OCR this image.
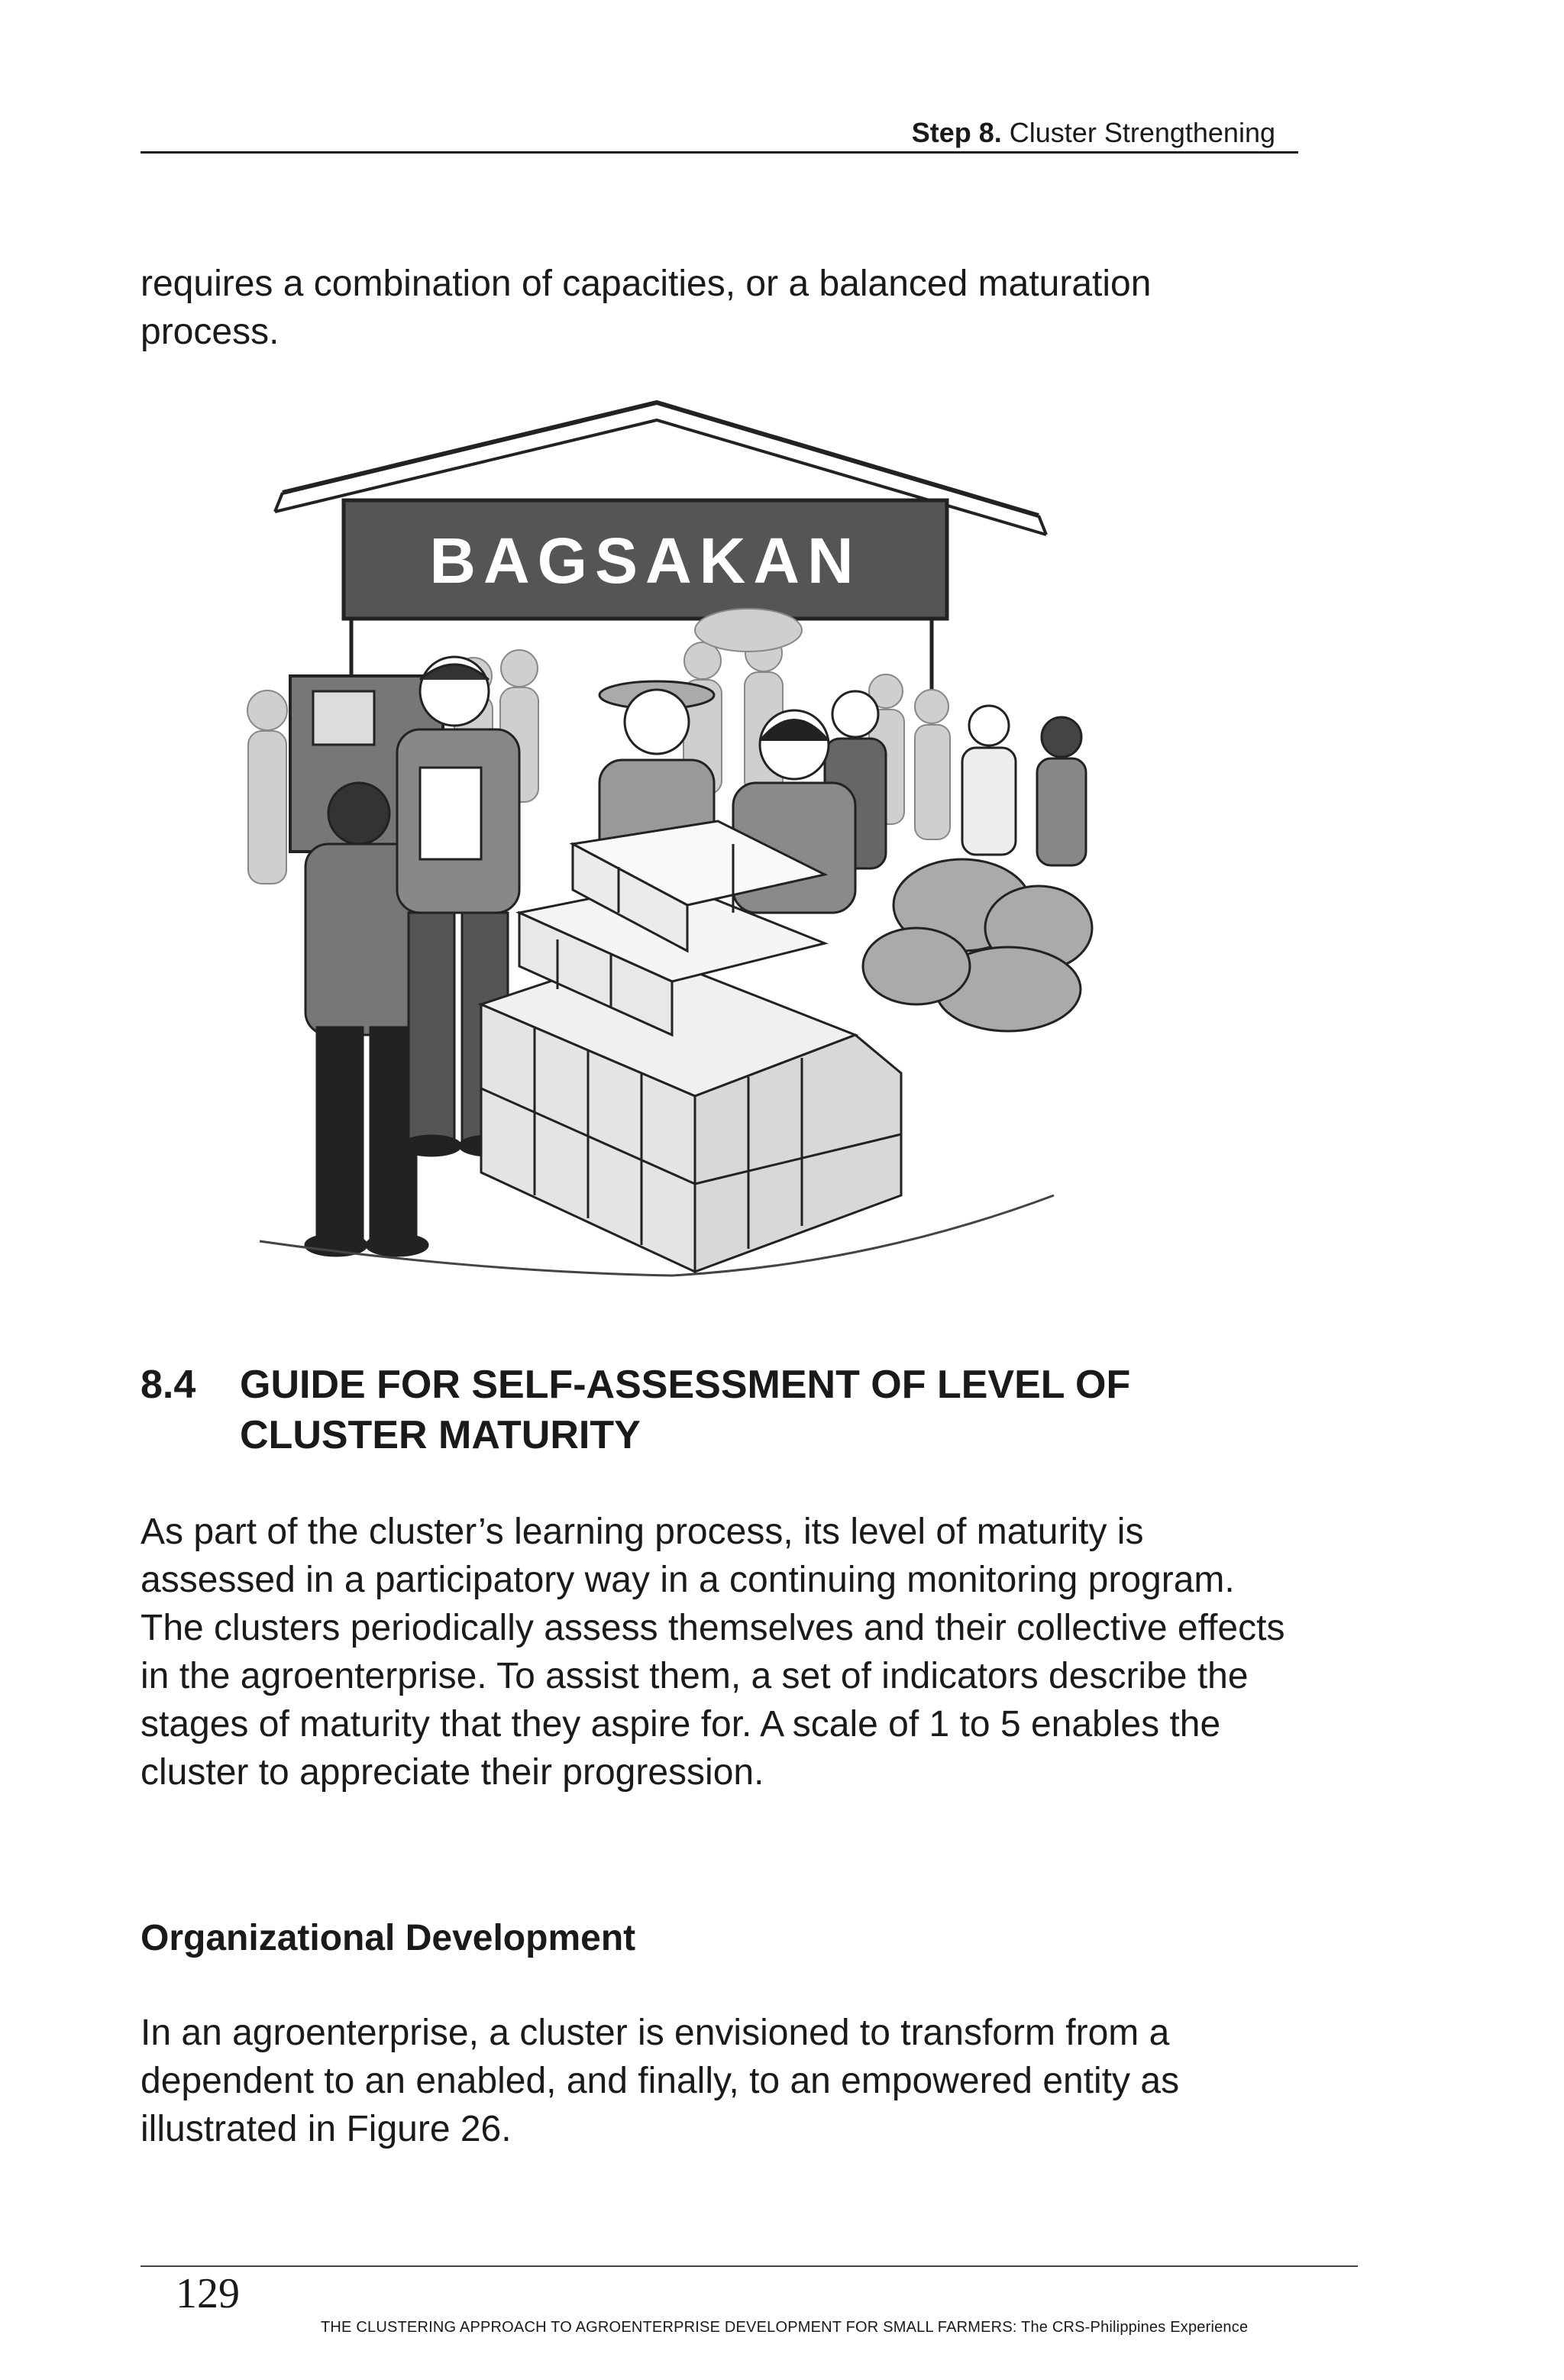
Step 8. Cluster Strengthening

requires a combination of capacities, or a balanced maturation process.

BAGSAKAN
8.4 GUIDE FOR SELF-ASSESSMENT OF LEVEL OF
CLUSTER MATURITY

As part of the cluster’s learning process, its level of maturity is assessed in a participatory way in a continuing monitoring program. The clusters periodically assess themselves and their collective effects in the agroenterprise. To assist them, a set of indicators describe the stages of maturity that they aspire for. A scale of 1 to 5 enables the cluster to appreciate their progression.

Organizational Development

In an agroenterprise, a cluster is envisioned to transform from a dependent to an enabled, and finally, to an empowered entity as illustrated in Figure 26.

129
THE CLUSTERING APPROACH TO AGROENTERPRISE DEVELOPMENT FOR SMALL FARMERS: The CRS-Philippines Experience
